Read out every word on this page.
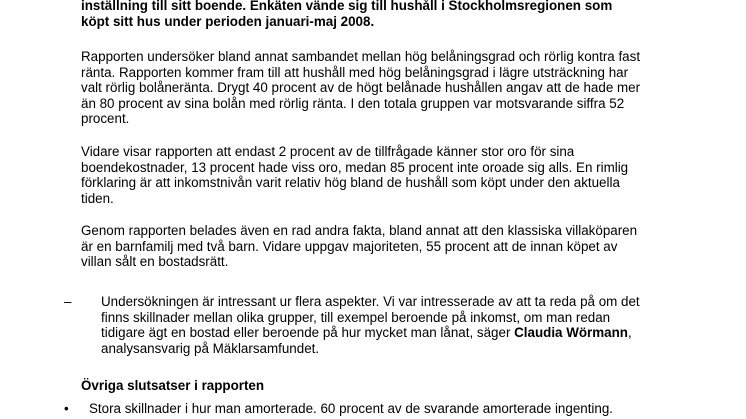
inställning till sitt boende. Enkäten vände sig till hushåll i Stockholmsregionen som
köpt sitt hus under perioden januari-maj 2008.
Rapporten undersöker bland annat sambandet mellan hög belåningsgrad och rörlig kontra fast
ränta. Rapporten kommer fram till att hushåll med hög belåningsgrad i lägre utsträckning har
valt rörlig bolåneränta. Drygt 40 procent av de högt belånade hushållen angav att de hade mer
än 80 procent av sina bolån med rörlig ränta. I den totala gruppen var motsvarande siffra 52
procent.
Vidare visar rapporten att endast 2 procent av de tillfrågade känner stor oro för sina
boendekostnader, 13 procent hade viss oro, medan 85 procent inte oroade sig alls. En rimlig
förklaring är att inkomstnivån varit relativ hög bland de hushåll som köpt under den aktuella
tiden.
Genom rapporten belades även en rad andra fakta, bland annat att den klassiska villaköparen
är en barnfamilj med två barn. Vidare uppgav majoriteten, 55 procent att de innan köpet av
villan sålt en bostadsrätt.
–	Undersökningen är intressant ur flera aspekter. Vi var intresserade av att ta reda på om det
finns skillnader mellan olika grupper, till exempel beroende på inkomst, om man redan
tidigare ägt en bostad eller beroende på hur mycket man lånat, säger Claudia Wörmann,
analysansvarig på Mäklarsamfundet.
Övriga slutsatser i rapporten
• Stora skillnader i hur man amorterade. 60 procent av de svarande amorterade ingenting.
